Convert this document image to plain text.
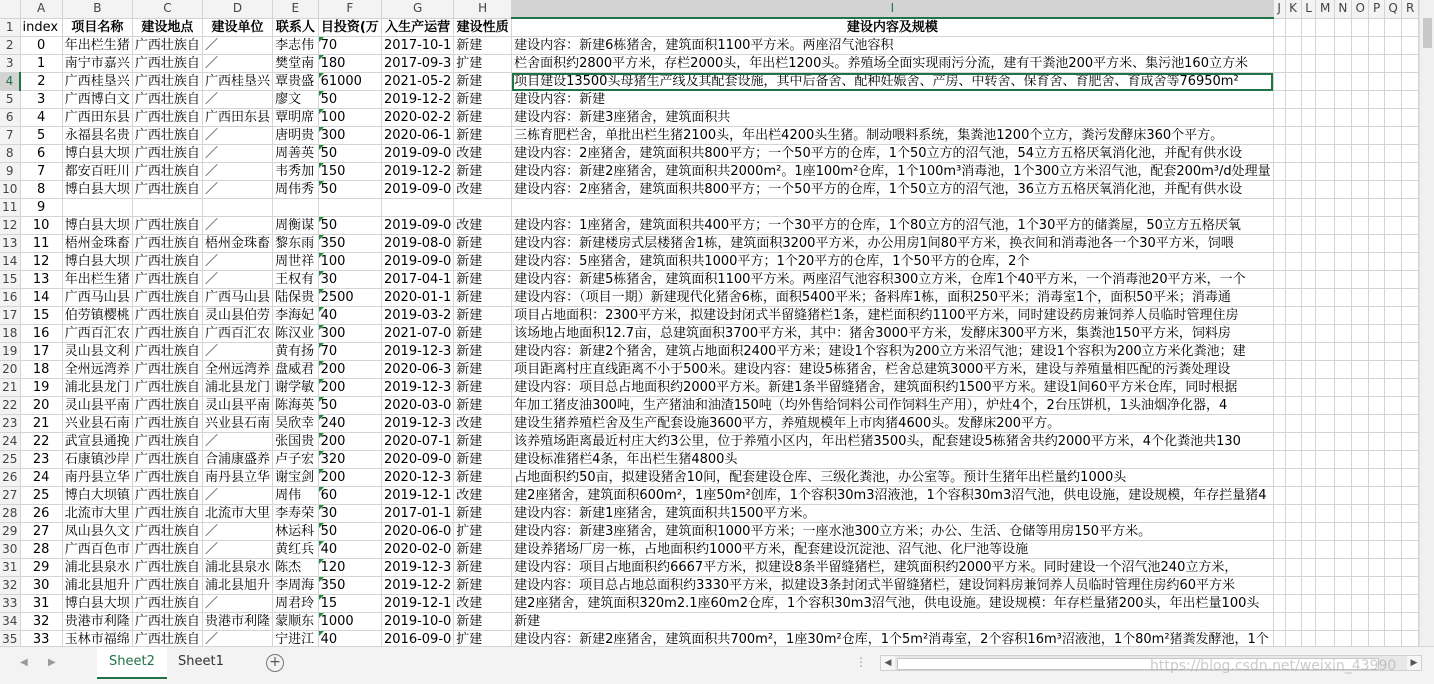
	A	B	C	D	E	F	G	H	I	J	K	L	M	N	O	P	Q	R
1	index	项目名称	建设地点	建设单位	联系人	目投资(万	入生产运营	建设性质	建设内容及规模									
2	0	年出栏生猪	广西壮族自	／	李志伟	70	2017-10-1	新建	建设内容：新建6栋猪舍，建筑面积1100平方米。两座沼气池容积									
3	1	南宁市嘉兴	广西壮族自	／	樊堂南	180	2017-09-3	扩建	栏舍面积约2800平方米，存栏2000头，年出栏1200头。养殖场全面实现雨污分流，建有干粪池200平方米、集污池160立方米									
4	2	广西桂垦兴	广西壮族自	广西桂垦兴	覃贵盛	61000	2021-05-2	新建	项目建设13500头母猪生产线及其配套设施，其中后备舍、配种妊娠舍、产房、中转舍、保育舍、育肥舍、育成舍等76950m²									
5	3	广西博白文	广西壮族自	／	廖文	50	2019-12-2	新建	建设内容：新建									
6	4	广西田东县	广西壮族自	广西田东县	覃明席	100	2020-02-2	新建	建设内容：新建3座猪舍，建筑面积共									
7	5	永福县名贵	广西壮族自	／	唐明贵	300	2020-06-1	新建	三栋育肥栏舍，单批出栏生猪2100头，年出栏4200头生猪。制动喂料系统，集粪池1200个立方，粪污发酵床360个平方。									
8	6	博白县大坝	广西壮族自	／	周善英	50	2019-09-0	改建	建设内容：2座猪舍，建筑面积共800平方；一个50平方的仓库，1个50立方的沼气池，54立方五格厌氧消化池，并配有供水设									
9	7	都安百旺川	广西壮族自	／	韦秀加	150	2019-12-2	新建	建设内容：新建2座猪舍，建筑面积共2000m²。1座100m²仓库，1个100m³消毒池，1个300立方米沼气池，配套200m³/d处理量									
10	8	博白县大坝	广西壮族自	／	周伟秀	50	2019-09-0	改建	建设内容：2座猪舍，建筑面积共800平方；一个50平方的仓库，1个50立方的沼气池，36立方五格厌氧消化池，并配有供水设									
11	9																	
12	10	博白县大坝	广西壮族自	／	周衡谋	50	2019-09-0	改建	建设内容：1座猪舍，建筑面积共400平方；一个30平方的仓库，1个80立方的沼气池，1个30平方的储粪屋，50立方五格厌氧									
13	11	梧州金珠畜	广西壮族自	梧州金珠畜	黎东雨	350	2019-08-0	新建	建设内容：新建楼房式层楼猪舍1栋，建筑面积3200平方米，办公用房1间80平方米，换衣间和消毒池各一个30平方米，饲喂									
14	12	博白县大坝	广西壮族自	／	周世祥	100	2019-09-0	新建	建设内容：5座猪舍，建筑面积共1000平方；1个20平方的仓库，1个50平方的仓库，2个									
15	13	年出栏生猪	广西壮族自	／	王权有	30	2017-04-1	新建	建设内容：新建5栋猪舍，建筑面积1100平方米。两座沼气池容积300立方米，仓库1个40平方米，一个消毒池20平方米，一个									
16	14	广西马山县	广西壮族自	广西马山县	陆保贵	2500	2020-01-1	新建	建设内容：（项目一期）新建现代化猪舍6栋，面积5400平米；备料库1栋，面积250平米；消毒室1个，面积50平米；消毒通									
17	15	伯劳镇樱桃	广西壮族自	灵山县伯劳	李海妃	40	2019-03-2	新建	项目占地面积：2300平方米，拟建设封闭式半留缝猪栏1条，建栏面积约1100平方米，同时建设药房兼饲养人员临时管理住房									
18	16	广西百汇农	广西壮族自	广西百汇农	陈汉业	300	2021-07-0	新建	该场地占地面积12.7亩，总建筑面积3700平方米，其中：猪舍3000平方米，发酵床300平方米，集粪池150平方米，饲料房									
19	17	灵山县文利	广西壮族自	／	黄有扬	70	2019-12-3	新建	建设内容：新建2个猪舍，建筑占地面积2400平方米；建设1个容积为200立方米沼气池；建设1个容积为200立方米化粪池；建									
20	18	全州远湾养	广西壮族自	全州远湾养	盘威君	200	2020-06-3	新建	项目距离村庄直线距离不小于500米。建设内容：建设5栋猪舍，栏舍总建筑3000平方米，建设与养殖量相匹配的污粪处理设									
21	19	浦北县龙门	广西壮族自	浦北县龙门	谢学敏	200	2019-12-3	新建	建设内容：项目总占地面积约2000平方米。新建1条半留缝猪舍，建筑面积约1500平方米。建设1间60平方米仓库，同时根据									
22	20	灵山县平南	广西壮族自	灵山县平南	陈海英	50	2020-03-0	新建	年加工猪皮油300吨，生产猪油和油渣150吨（均外售给饲料公司作饲料生产用），炉灶4个，2台压饼机，1头油烟净化器，4									
23	21	兴业县石南	广西壮族自	兴业县石南	吴欣幸	240	2019-12-3	改建	建设生猪养殖栏舍及生产配套设施3600平方，养殖规模年上市肉猪4600头。发酵床200平方。									
24	22	武宣县通挽	广西壮族自	／	张国贵	200	2020-07-1	新建	该养殖场距离最近村庄大约3公里，位于养殖小区内，年出栏猪3500头，配套建设5栋猪舍共约2000平方米，4个化粪池共130									
25	23	石康镇沙岸	广西壮族自	合浦康盛养	卢子宏	320	2020-09-0	新建	建设标准猪栏4条，年出栏生猪4800头									
26	24	南丹县立华	广西壮族自	南丹县立华	谢宝剑	200	2020-12-3	新建	占地面积约50亩，拟建设猪舍10间，配套建设仓库、三级化粪池，办公室等。预计生猪年出栏量约1000头									
27	25	博白大坝镇	广西壮族自	／	周伟	60	2019-12-1	改建	建2座猪舍，建筑面积600m²，1座50m²创库，1个容积30m3沼液池，1个容积30m3沼气池，供电设施，建设规模，年存拦量猪4									
28	26	北流市大里	广西壮族自	北流市大里	李寿荣	30	2017-01-1	新建	建设内容：新建1座猪舍，建筑面积共1500平方米。									
29	27	凤山县久文	广西壮族自	／	林运科	50	2020-06-0	扩建	建设内容：新建3座猪舍，建筑面积1000平方米；一座水池300立方米；办公、生活、仓储等用房150平方米。									
30	28	广西百色市	广西壮族自	／	黄红兵	40	2020-02-0	新建	建设养猪场厂房一栋，占地面积约1000平方米，配套建设沉淀池、沼气池、化尸池等设施									
31	29	浦北县泉水	广西壮族自	浦北县泉水	陈杰	120	2019-12-3	新建	建设内容：项目占地面积约6667平方米，拟建设8条半留缝猪栏，建筑面积约2000平方米。同时建设一个沼气池240立方米，									
32	30	浦北县旭升	广西壮族自	浦北县旭升	李周海	350	2019-12-2	新建	建设内容：项目总占地总面积约3330平方米，拟建设3条封闭式半留缝猪栏，建设饲料房兼饲养人员临时管理住房约60平方米									
33	31	博白县大坝	广西壮族自	／	周君玲	15	2019-12-1	改建	建2座猪舍，建筑面积320m2.1座60m2仓库，1个容积30m3沼气池，供电设施。建设规模：年存栏量猪200头，年出栏量100头									
34	32	贵港市利隆	广西壮族自	贵港市利隆	蒙顺东	1000	2019-10-0	新建	新建									
35	33	玉林市福绵	广西壮族自	／	宁进江	40	2016-09-0	扩建	建设内容：新建2座猪舍，建筑面积共700m²，1座30m²仓库，1个5m²消毒室，2个容积16m³沼液池，1个80m²猪粪发酵池，1个									
◀ ▶	Sheet2	Sheet1	+	⋮	◀	▶
https://blog.csdn.net/weixin_43990
